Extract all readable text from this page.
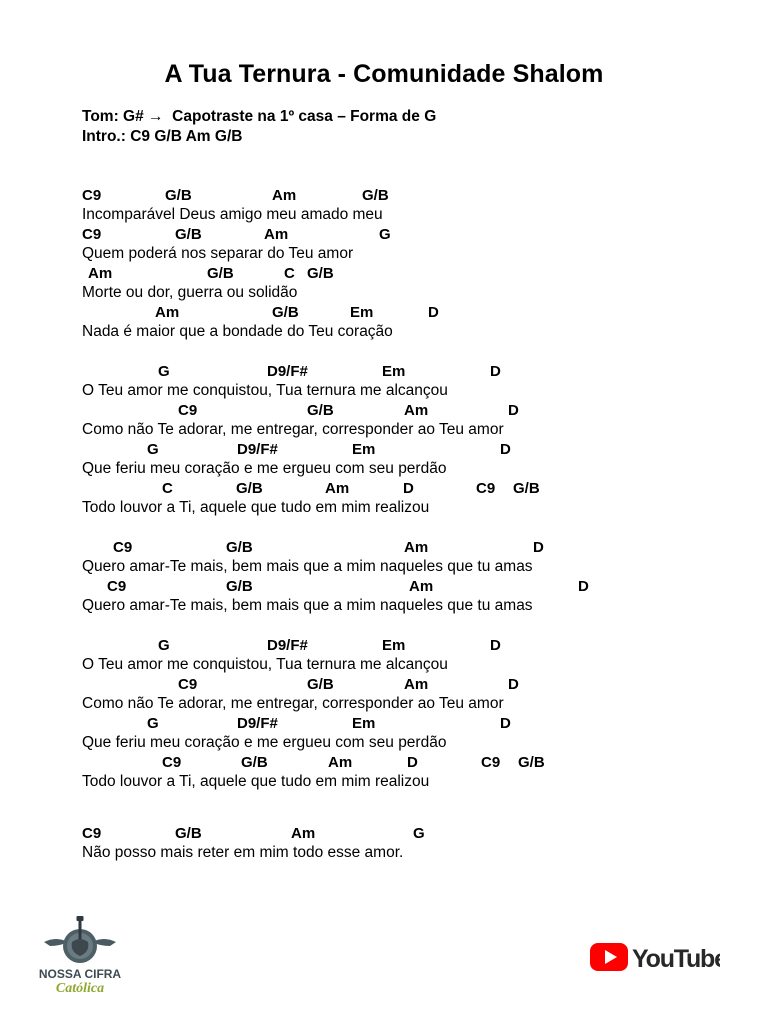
A Tua Ternura - Comunidade Shalom
Tom: G# → Capotraste na 1º casa – Forma de G
Intro.: C9 G/B Am G/B
C9	G/B	Am	G/B
Incomparável Deus amigo meu amado meu
C9	G/B	Am	G
Quem poderá nos separar do Teu amor
Am	G/B	C G/B
Morte ou dor, guerra ou solidão
Am	G/B	Em	D
Nada é maior que a bondade do Teu coração
G	D9/F#	Em	D
O Teu amor me conquistou, Tua ternura me alcançou
C9	G/B	Am	D
Como não Te adorar, me entregar, corresponder ao Teu amor
G	D9/F#	Em	D
Que feriu meu coração e me ergueu com seu perdão
C	G/B	Am	D	C9 G/B
Todo louvor a Ti, aquele que tudo em mim realizou
C9	G/B	Am	D
Quero amar-Te mais, bem mais que a mim naqueles que tu amas
C9	G/B	Am	D
Quero amar-Te mais, bem mais que a mim naqueles que tu amas
G	D9/F#	Em	D
O Teu amor me conquistou, Tua ternura me alcançou
C9	G/B	Am	D
Como não Te adorar, me entregar, corresponder ao Teu amor
G	D9/F#	Em	D
Que feriu meu coração e me ergueu com seu perdão
C9	G/B	Am	D	C9 G/B
Todo louvor a Ti, aquele que tudo em mim realizou
C9	G/B	Am	G
Não posso mais reter em mim todo esse amor.
NOSSA CIFRA
Católica
YouTube
